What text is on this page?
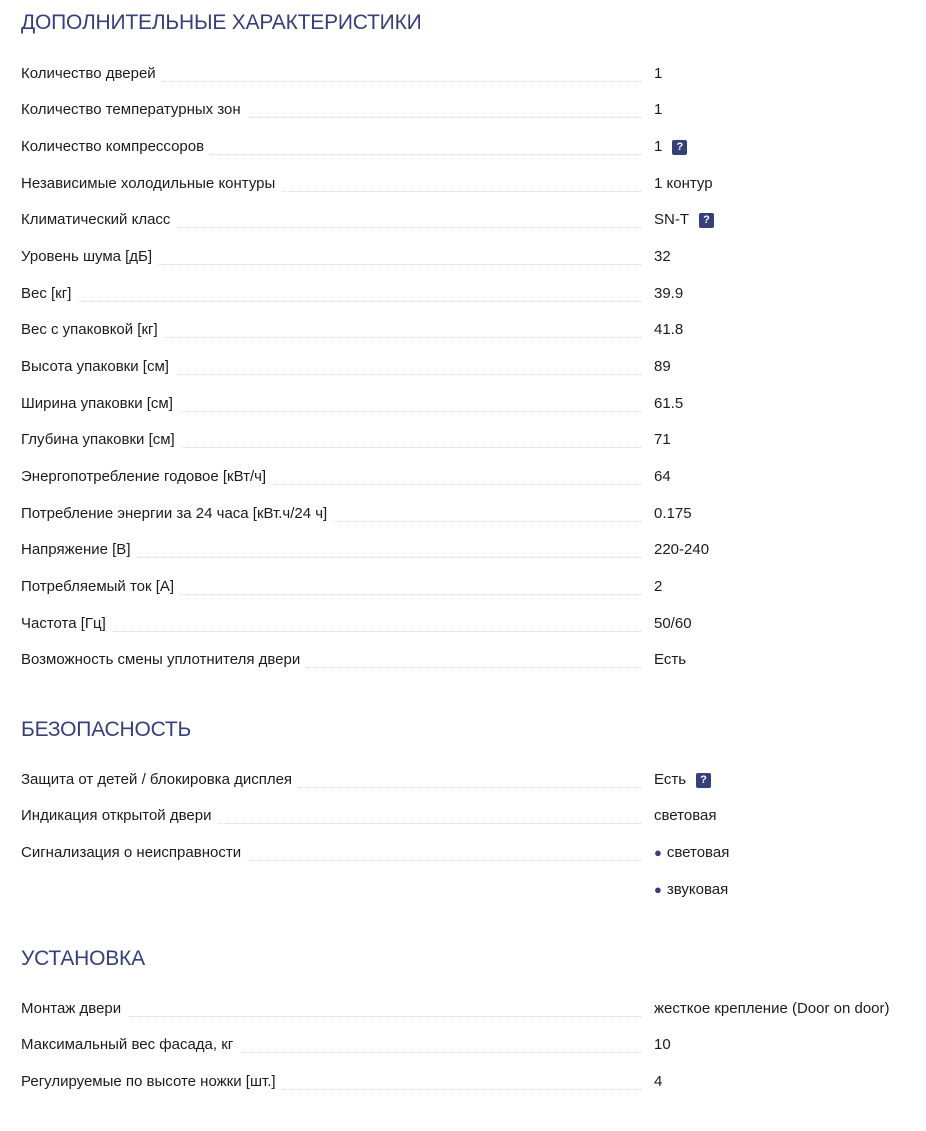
ДОПОЛНИТЕЛЬНЫЕ ХАРАКТЕРИСТИКИ
Количество дверей	1
Количество температурных зон	1
Количество компрессоров	1 ?
Независимые холодильные контуры	1 контур
Климатический класс	SN-T ?
Уровень шума [дБ]	32
Вес [кг]	39.9
Вес с упаковкой [кг]	41.8
Высота упаковки [см]	89
Ширина упаковки [см]	61.5
Глубина упаковки [см]	71
Энергопотребление годовое [кВт/ч]	64
Потребление энергии за 24 часа [кВт.ч/24 ч]	0.175
Напряжение [В]	220-240
Потребляемый ток [А]	2
Частота [Гц]	50/60
Возможность смены уплотнителя двери	Есть
БЕЗОПАСНОСТЬ
Защита от детей / блокировка дисплея	Есть ?
Индикация открытой двери	световая
Сигнализация о неисправности	● световая
● звуковая
УСТАНОВКА
Монтаж двери	жесткое крепление (Door on door)
Максимальный вес фасада, кг	10
Регулируемые по высоте ножки [шт.]	4
